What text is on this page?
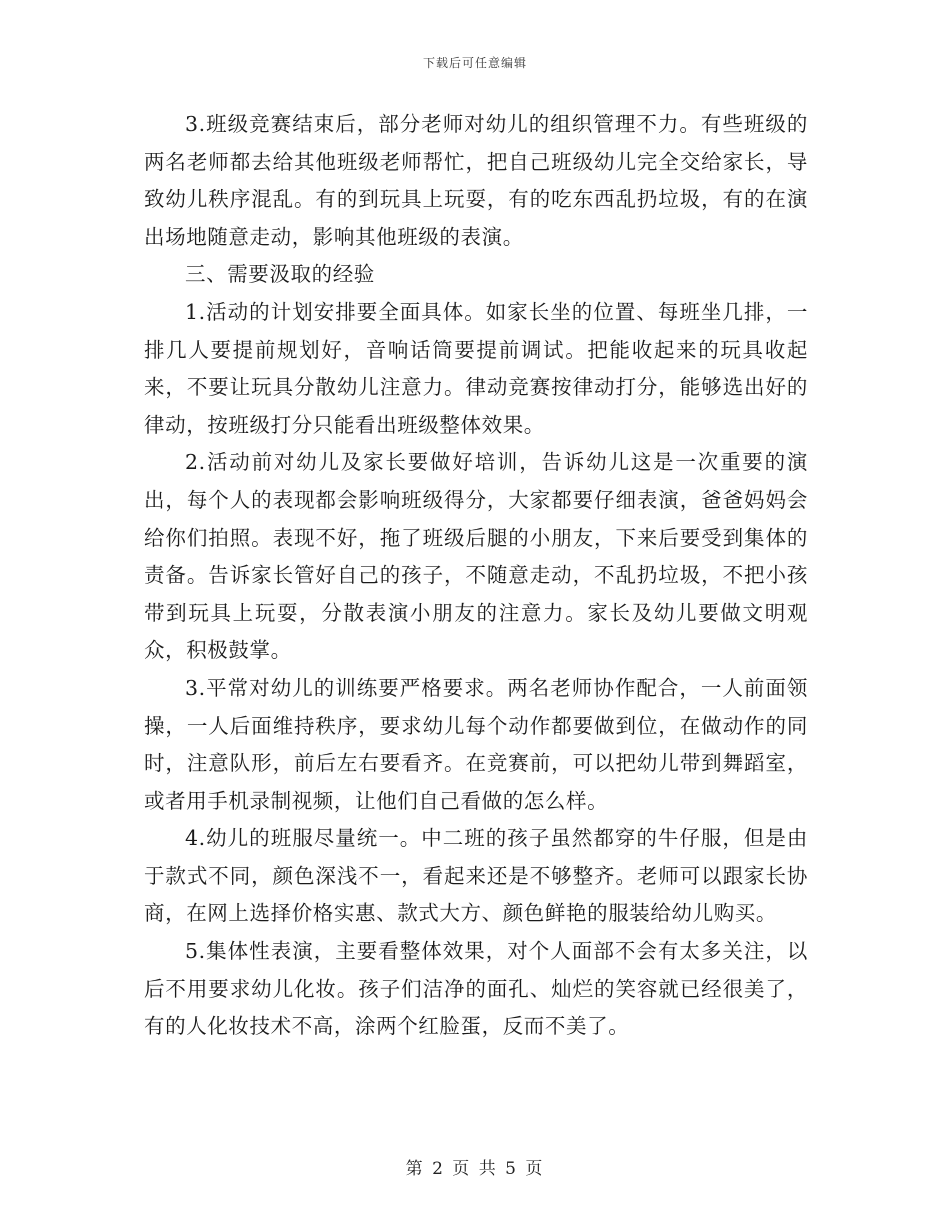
下载后可任意编辑

3.班级竞赛结束后，部分老师对幼儿的组织管理不力。有些班级的两名老师都去给其他班级老师帮忙，把自己班级幼儿完全交给家长，导致幼儿秩序混乱。有的到玩具上玩耍，有的吃东西乱扔垃圾，有的在演出场地随意走动，影响其他班级的表演。

三、需要汲取的经验

1.活动的计划安排要全面具体。如家长坐的位置、每班坐几排，一排几人要提前规划好，音响话筒要提前调试。把能收起来的玩具收起来，不要让玩具分散幼儿注意力。律动竞赛按律动打分，能够选出好的律动，按班级打分只能看出班级整体效果。

2.活动前对幼儿及家长要做好培训，告诉幼儿这是一次重要的演出，每个人的表现都会影响班级得分，大家都要仔细表演，爸爸妈妈会给你们拍照。表现不好，拖了班级后腿的小朋友，下来后要受到集体的责备。告诉家长管好自己的孩子，不随意走动，不乱扔垃圾，不把小孩带到玩具上玩耍，分散表演小朋友的注意力。家长及幼儿要做文明观众，积极鼓掌。

3.平常对幼儿的训练要严格要求。两名老师协作配合，一人前面领操，一人后面维持秩序，要求幼儿每个动作都要做到位，在做动作的同时，注意队形，前后左右要看齐。在竞赛前，可以把幼儿带到舞蹈室，或者用手机录制视频，让他们自己看做的怎么样。

4.幼儿的班服尽量统一。中二班的孩子虽然都穿的牛仔服，但是由于款式不同，颜色深浅不一，看起来还是不够整齐。老师可以跟家长协商，在网上选择价格实惠、款式大方、颜色鲜艳的服装给幼儿购买。

5.集体性表演，主要看整体效果，对个人面部不会有太多关注，以后不用要求幼儿化妆。孩子们洁净的面孔、灿烂的笑容就已经很美了，有的人化妆技术不高，涂两个红脸蛋，反而不美了。

第 2 页 共 5 页
